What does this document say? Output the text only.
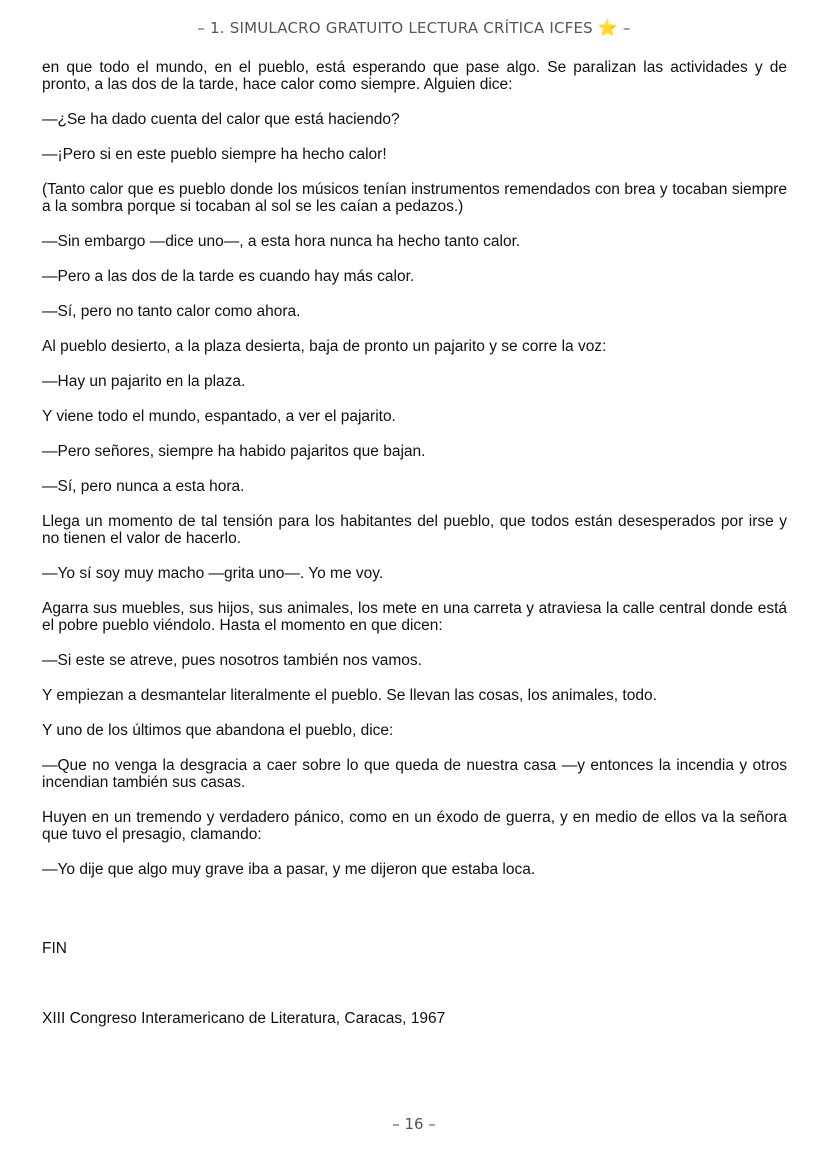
– 1. SIMULACRO GRATUITO LECTURA CRÍTICA ICFES ⭐ –

en que todo el mundo, en el pueblo, está esperando que pase algo. Se paralizan las actividades y de pronto, a las dos de la tarde, hace calor como siempre. Alguien dice:

—¿Se ha dado cuenta del calor que está haciendo?

—¡Pero si en este pueblo siempre ha hecho calor!

(Tanto calor que es pueblo donde los músicos tenían instrumentos remendados con brea y tocaban siempre a la sombra porque si tocaban al sol se les caían a pedazos.)

—Sin embargo —dice uno—, a esta hora nunca ha hecho tanto calor.

—Pero a las dos de la tarde es cuando hay más calor.

—Sí, pero no tanto calor como ahora.

Al pueblo desierto, a la plaza desierta, baja de pronto un pajarito y se corre la voz:

—Hay un pajarito en la plaza.

Y viene todo el mundo, espantado, a ver el pajarito.

—Pero señores, siempre ha habido pajaritos que bajan.

—Sí, pero nunca a esta hora.

Llega un momento de tal tensión para los habitantes del pueblo, que todos están desesperados por irse y no tienen el valor de hacerlo.

—Yo sí soy muy macho —grita uno—. Yo me voy.

Agarra sus muebles, sus hijos, sus animales, los mete en una carreta y atraviesa la calle central donde está el pobre pueblo viéndolo. Hasta el momento en que dicen:

—Si este se atreve, pues nosotros también nos vamos.

Y empiezan a desmantelar literalmente el pueblo. Se llevan las cosas, los animales, todo.

Y uno de los últimos que abandona el pueblo, dice:

—Que no venga la desgracia a caer sobre lo que queda de nuestra casa —y entonces la incendia y otros incendian también sus casas.

Huyen en un tremendo y verdadero pánico, como en un éxodo de guerra, y en medio de ellos va la señora que tuvo el presagio, clamando:

—Yo dije que algo muy grave iba a pasar, y me dijeron que estaba loca.

FIN
XIII Congreso Interamericano de Literatura, Caracas, 1967
– 16 –
